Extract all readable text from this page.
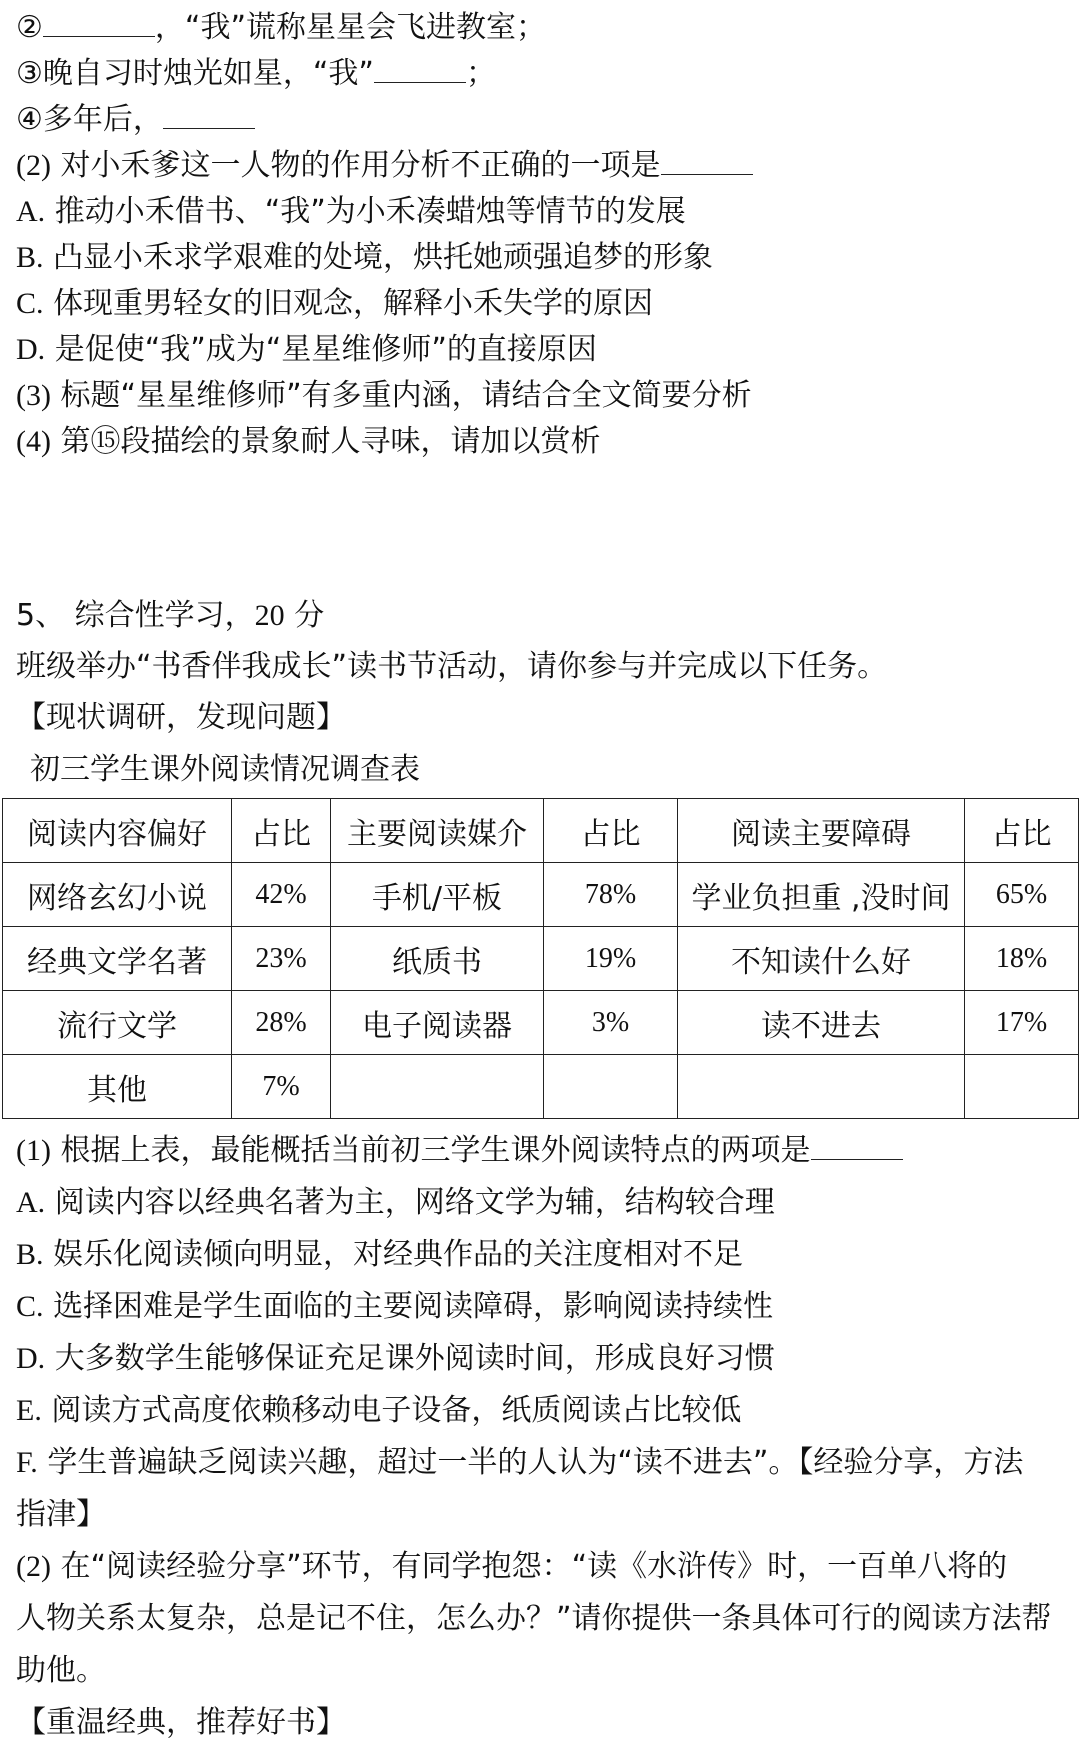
②	，“我”谎称星星会飞进教室；
③晚自习时烛光如星，“我”	；
④多年后，
(2) 对小禾爹这一人物的作用分析不正确的一项是
A. 推动小禾借书、“我”为小禾凑蜡烛等情节的发展
B. 凸显小禾求学艰难的处境，烘托她顽强追梦的形象
C. 体现重男轻女的旧观念，解释小禾失学的原因
D. 是促使“我”成为“星星维修师”的直接原因
(3) 标题“星星维修师”有多重内涵，请结合全文简要分析
(4) 第⑮段描绘的景象耐人寻味，请加以赏析
5、 综合性学习，20 分
班级举办“书香伴我成长”读书节活动，请你参与并完成以下任务。
【现状调研，发现问题】
初三学生课外阅读情况调查表
阅读内容偏好	占比	主要阅读媒介	占比	阅读主要障碍	占比
网络玄幻小说	42%	手机/平板	78%	学业负担重 ,没时间	65%
经典文学名著	23%	纸质书	19%	不知读什么好	18%
流行文学	28%	电子阅读器	3%	读不进去	17%
其他	7%				
(1) 根据上表，最能概括当前初三学生课外阅读特点的两项是
A. 阅读内容以经典名著为主，网络文学为辅，结构较合理
B. 娱乐化阅读倾向明显，对经典作品的关注度相对不足
C. 选择困难是学生面临的主要阅读障碍，影响阅读持续性
D. 大多数学生能够保证充足课外阅读时间，形成良好习惯
E. 阅读方式高度依赖移动电子设备，纸质阅读占比较低
F. 学生普遍缺乏阅读兴趣，超过一半的人认为“读不进去”。【经验分享，方法
指津】
(2) 在“阅读经验分享”环节，有同学抱怨：“读《水浒传》时，一百单八将的
人物关系太复杂，总是记不住，怎么办？”请你提供一条具体可行的阅读方法帮
助他。
【重温经典，推荐好书】
